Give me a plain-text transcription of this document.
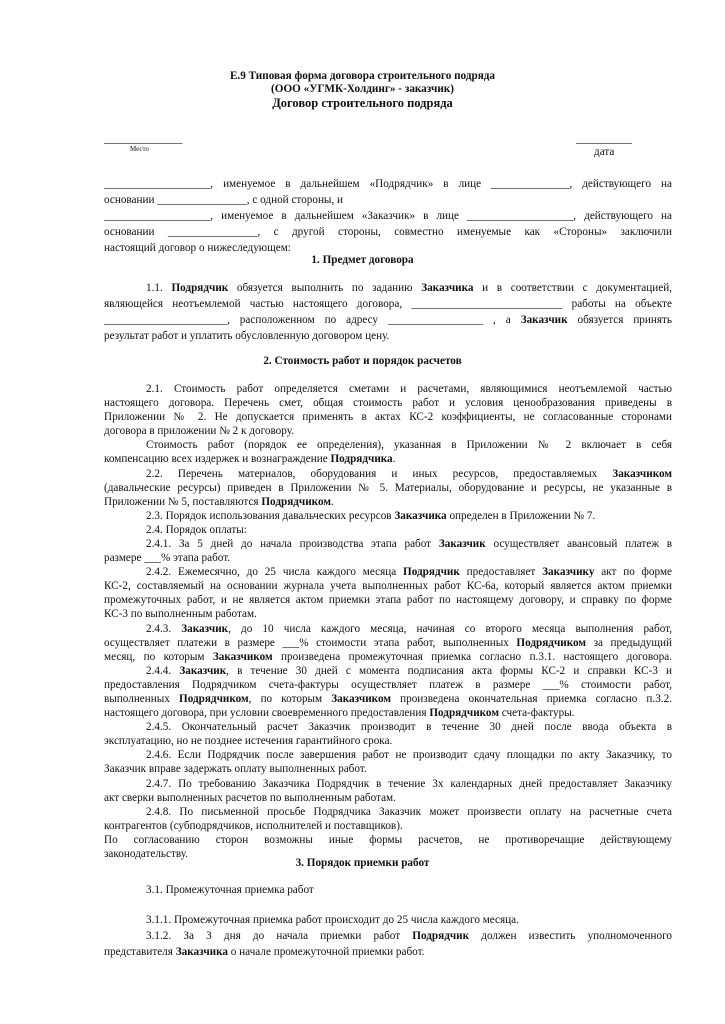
Е.9 Типовая форма договора строительного подряда
(ООО «УГМК-Холдинг» - заказчик)
Договор строительного подряда
______________
Место
__________
дата
___________________, именуемое в дальнейшем «Подрядчик» в лице ______________, действующего на
основании ________________, с одной стороны, и
___________________, именуемое в дальнейшем «Заказчик» в лице ___________________, действующего на
основании ________________, с другой стороны, совместно именуемые как «Стороны» заключили
настоящий договор о нижеследующем:
1. Предмет договора
1.1. Подрядчик обязуется выполнить по заданию Заказчика и в соответствии с документацией,
являющейся неотъемлемой частью настоящего договора, ___________________________ работы на объекте
______________________, расположенном по адресу _________________ , а Заказчик обязуется принять
результат работ и уплатить обусловленную договором цену.
2. Стоимость работ и порядок расчетов
2.1. Стоимость работ определяется сметами и расчетами, являющимися неотъемлемой частью
настоящего договора. Перечень смет, общая стоимость работ и условия ценообразования приведены в
Приложении № 2. Не допускается применять в актах КС-2 коэффициенты, не согласованные сторонами
договора в приложении № 2 к договору.
Стоимость работ (порядок ее определения), указанная в Приложении № 2 включает в себя
компенсацию всех издержек и вознаграждение Подрядчика.
2.2. Перечень материалов, оборудования и иных ресурсов, предоставляемых Заказчиком
(давальческие ресурсы) приведен в Приложении № 5. Материалы, оборудование и ресурсы, не указанные в
Приложении № 5, поставляются Подрядчиком.
2.3. Порядок использования давальческих ресурсов Заказчика определен в Приложении № 7.
2.4. Порядок оплаты:
2.4.1. За 5 дней до начала производства этапа работ Заказчик осуществляет авансовый платеж в
размере ___% этапа работ.
2.4.2. Ежемесячно, до 25 числа каждого месяца Подрядчик предоставляет Заказчику акт по форме
КС-2, составляемый на основании журнала учета выполненных работ КС-6а, который является актом приемки
промежуточных работ, и не является актом приемки этапа работ по настоящему договору, и справку по форме
КС-3 по выполненным работам.
2.4.3. Заказчик, до 10 числа каждого месяца, начиная со второго месяца выполнения работ,
осуществляет платежи в размере ___% стоимости этапа работ, выполненных Подрядчиком за предыдущий
месяц, по которым Заказчиком произведена промежуточная приемка согласно п.3.1. настоящего договора.
2.4.4. Заказчик, в течение 30 дней с момента подписания акта формы КС-2 и справки КС-3 и
предоставления Подрядчиком счета-фактуры осуществляет платеж в размере ___% стоимости работ,
выполненных Подрядчиком, по которым Заказчиком произведена окончательная приемка согласно п.3.2.
настоящего договора, при условии своевременного предоставления Подрядчиком счета-фактуры.
2.4.5. Окончательный расчет Заказчик производит в течение 30 дней после ввода объекта в
эксплуатацию, но не позднее истечения гарантийного срока.
2.4.6. Если Подрядчик после завершения работ не производит сдачу площадки по акту Заказчику, то
Заказчик вправе задержать оплату выполненных работ.
2.4.7. По требованию Заказчика Подрядчик в течение 3х календарных дней предоставляет Заказчику
акт сверки выполненных расчетов по выполненным работам.
2.4.8. По письменной просьбе Подрядчика Заказчик может произвести оплату на расчетные счета
контрагентов (субподрядчиков, исполнителей и поставщиков).
По согласованию сторон возможны иные формы расчетов, не противоречащие действующему
законодательству.
3. Порядок приемки работ
3.1. Промежуточная приемка работ
3.1.1. Промежуточная приемка работ происходит до 25 числа каждого месяца.
3.1.2. За 3 дня до начала приемки работ Подрядчик должен известить уполномоченного
представителя Заказчика о начале промежуточной приемки работ.
